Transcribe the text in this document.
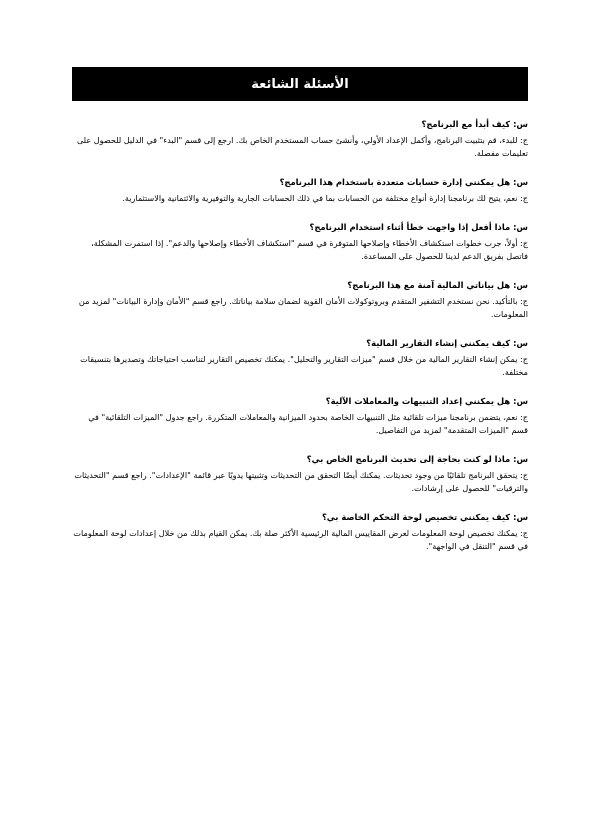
الأسئلة الشائعة

س: كيف أبدأ مع البرنامج؟

ج: للبدء، قم بتثبيت البرنامج، وأكمل الإعداد الأولي، وأنشئ حساب المستخدم الخاص بك. ارجع إلى قسم "البدء" في الدليل للحصول على تعليمات مفصلة.

س: هل يمكنني إدارة حسابات متعددة باستخدام هذا البرنامج؟

ج: نعم، يتيح لك برنامجنا إدارة أنواع مختلفة من الحسابات بما في ذلك الحسابات الجارية والتوفيرية والائتمانية والاستثمارية.

س: ماذا أفعل إذا واجهت خطأ أثناء استخدام البرنامج؟

ج: أولاً، جرب خطوات استكشاف الأخطاء وإصلاحها المتوفرة في قسم "استكشاف الأخطاء وإصلاحها والدعم". إذا استمرت المشكلة، فاتصل بفريق الدعم لدينا للحصول على المساعدة.

س: هل بياناتي المالية آمنة مع هذا البرنامج؟

ج: بالتأكيد. نحن نستخدم التشفير المتقدم وبروتوكولات الأمان القوية لضمان سلامة بياناتك. راجع قسم "الأمان وإدارة البيانات" لمزيد من المعلومات.

س: كيف يمكنني إنشاء التقارير المالية؟

ج: يمكن إنشاء التقارير المالية من خلال قسم "ميزات التقارير والتحليل". يمكنك تخصيص التقارير لتناسب احتياجاتك وتصديرها بتنسيقات مختلفة.

س: هل يمكنني إعداد التنبيهات والمعاملات الآلية؟

ج: نعم، يتضمن برنامجنا ميزات تلقائية مثل التنبيهات الخاصة بحدود الميزانية والمعاملات المتكررة. راجع جدول "الميزات التلقائية" في قسم "الميزات المتقدمة" لمزيد من التفاصيل.

س: ماذا لو كنت بحاجة إلى تحديث البرنامج الخاص بي؟

ج: يتحقق البرنامج تلقائيًا من وجود تحديثات. يمكنك أيضًا التحقق من التحديثات وتثبيتها يدويًا عبر قائمة "الإعدادات". راجع قسم "التحديثات والترقيات" للحصول على إرشادات.

س: كيف يمكنني تخصيص لوحة التحكم الخاصة بي؟

ج: يمكنك تخصيص لوحة المعلومات لعرض المقاييس المالية الرئيسية الأكثر صلة بك. يمكن القيام بذلك من خلال إعدادات لوحة المعلومات في قسم "التنقل في الواجهة".
